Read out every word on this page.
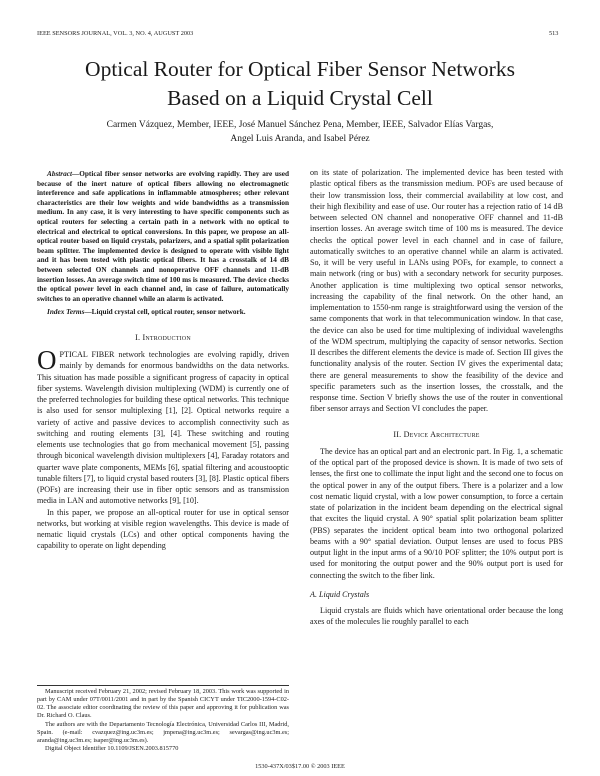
IEEE SENSORS JOURNAL, VOL. 3, NO. 4, AUGUST 2003	513
Optical Router for Optical Fiber Sensor Networks
Based on a Liquid Crystal Cell
Carmen Vázquez, Member, IEEE, José Manuel Sánchez Pena, Member, IEEE, Salvador Elías Vargas,
Angel Luis Aranda, and Isabel Pérez

Abstract—Optical fiber sensor networks are evolving rapidly. They are used because of the inert nature of optical fibers allowing no electromagnetic interference and safe applications in inflammable atmospheres; other relevant characteristics are their low weights and wide bandwidths as a transmission medium. In any case, it is very interesting to have specific components such as optical routers for selecting a certain path in a network with no optical to electrical and electrical to optical conversions. In this paper, we propose an all-optical router based on liquid crystals, polarizers, and a spatial split polarization beam splitter. The implemented device is designed to operate with visible light and it has been tested with plastic optical fibers. It has a crosstalk of 14 dB between selected ON channels and nonoperative OFF channels and 11-dB insertion losses. An average switch time of 100 ms is measured. The device checks the optical power level in each channel and, in case of failure, automatically switches to an operative channel while an alarm is activated.

Index Terms—Liquid crystal cell, optical router, sensor network.
I. Introduction

OPTICAL FIBER network technologies are evolving rapidly, driven mainly by demands for enormous bandwidths on the data networks. This situation has made possible a significant progress of capacity in optical fiber systems. Wavelength division multiplexing (WDM) is currently one of the preferred technologies for building these optical networks. This technique is also used for sensor multiplexing [1], [2]. Optical networks require a variety of active and passive devices to accomplish connectivity such as switching and routing elements [3], [4]. These switching and routing elements use technologies that go from mechanical movement [5], passing through biconical wavelength division multiplexers [4], Faraday rotators and quarter wave plate components, MEMs [6], spatial filtering and acoustooptic tunable filters [7], to liquid crystal based routers [3], [8]. Plastic optical fibers (POFs) are increasing their use in fiber optic sensors and as transmission media in LAN and automotive networks [9], [10].

In this paper, we propose an all-optical router for use in optical sensor networks, but working at visible region wavelengths. This device is made of nematic liquid crystals (LCs) and other optical components having the capability to operate on light depending

Manuscript received February 21, 2002; revised February 18, 2003. This work was supported in part by CAM under 07T/0011/2001 and in part by the Spanish CICYT under TIC2000-1594-C02-02. The associate editor coordinating the review of this paper and approving it for publication was Dr. Richard O. Claus.

The authors are with the Departamento Tecnología Electrónica, Universidad Carlos III, Madrid, Spain. (e-mail: cvazquez@ing.uc3m.es; jmpena@ing.uc3m.es; sevargas@ing.uc3m.es; aranda@ing.uc3m.es; isaper@ing.uc3m.es).

Digital Object Identifier 10.1109/JSEN.2003.815770

on its state of polarization. The implemented device has been tested with plastic optical fibers as the transmission medium. POFs are used because of their low transmission loss, their commercial availability at low cost, and their high flexibility and ease of use. Our router has a rejection ratio of 14 dB between selected ON channel and nonoperative OFF channel and 11-dB insertion losses. An average switch time of 100 ms is measured. The device checks the optical power level in each channel and in case of failure, automatically switches to an operative channel while an alarm is activated. So, it will be very useful in LANs using POFs, for example, to connect a main network (ring or bus) with a secondary network for security purposes. Another application is time multiplexing two optical sensor networks, increasing the capability of the final network. On the other hand, an implementation to 1550-nm range is straightforward using the version of the same components that work in that telecommunication window. In that case, the device can also be used for time multiplexing of individual wavelengths of the WDM spectrum, multiplying the capacity of sensor networks. Section II describes the different elements the device is made of. Section III gives the functionality analysis of the router. Section IV gives the experimental data; there are general measurements to show the feasibility of the device and specific parameters such as the insertion losses, the crosstalk, and the response time. Section V briefly shows the use of the router in conventional fiber sensor arrays and Section VI concludes the paper.

II. Device Architecture

The device has an optical part and an electronic part. In Fig. 1, a schematic of the optical part of the proposed device is shown. It is made of two sets of lenses, the first one to collimate the input light and the second one to focus on the optical power in any of the output fibers. There is a polarizer and a low cost nematic liquid crystal, with a low power consumption, to force a certain state of polarization in the incident beam depending on the electrical signal that excites the liquid crystal. A 90° spatial split polarization beam splitter (PBS) separates the incident optical beam into two orthogonal polarized beams with a 90° spatial deviation. Output lenses are used to focus PBS output light in the input arms of a 90/10 POF splitter; the 10% output port is used for monitoring the output power and the 90% output port is used for connecting the switch to the fiber link.

A. Liquid Crystals

Liquid crystals are fluids which have orientational order because the long axes of the molecules lie roughly parallel to each

1530-437X/03$17.00 © 2003 IEEE
